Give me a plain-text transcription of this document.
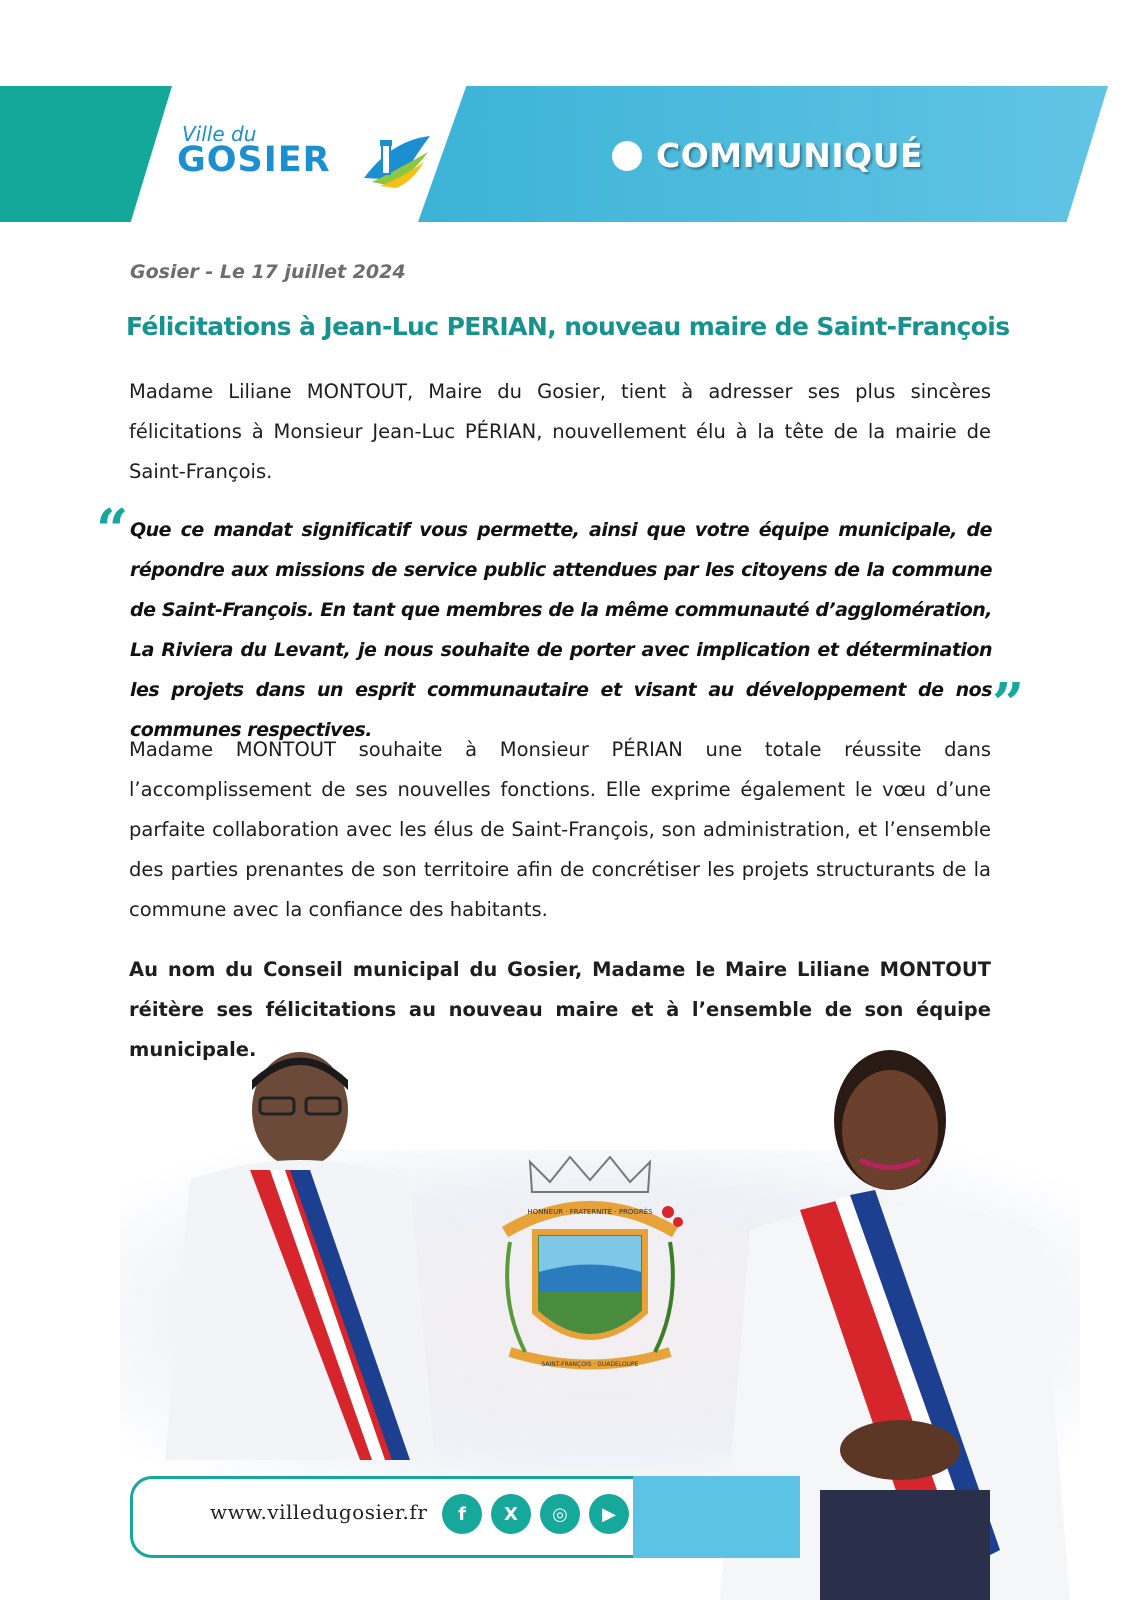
Ville du
GOSIER	COMMUNIQUÉ
Gosier - Le 17 juillet 2024
Félicitations à Jean-Luc PERIAN, nouveau maire de Saint-François
Madame Liliane MONTOUT, Maire du Gosier, tient à adresser ses plus sincères félicitations à Monsieur Jean-Luc PÉRIAN, nouvellement élu à la tête de la mairie de Saint-François.
“ Que ce mandat significatif vous permette, ainsi que votre équipe municipale, de répondre aux missions de service public attendues par les citoyens de la commune de Saint-François. En tant que membres de la même communauté d’agglomération, La Riviera du Levant, je nous souhaite de porter avec implication et détermination les projets dans un esprit communautaire et visant au développement de nos communes respectives.	”
Madame MONTOUT souhaite à Monsieur PÉRIAN une totale réussite dans l’accomplissement de ses nouvelles fonctions. Elle exprime également le vœu d’une parfaite collaboration avec les élus de Saint-François, son administration, et l’ensemble des parties prenantes de son territoire afin de concrétiser les projets structurants de la commune avec la confiance des habitants.
Au nom du Conseil municipal du Gosier, Madame le Maire Liliane MONTOUT réitère ses félicitations au nouveau maire et à l’ensemble de son équipe municipale.
HONNEUR · FRATERNITÉ · PROGRÈS
SAINT-FRANÇOIS · GUADELOUPE
www.villedugosier.fr	f	X	◎	▶
